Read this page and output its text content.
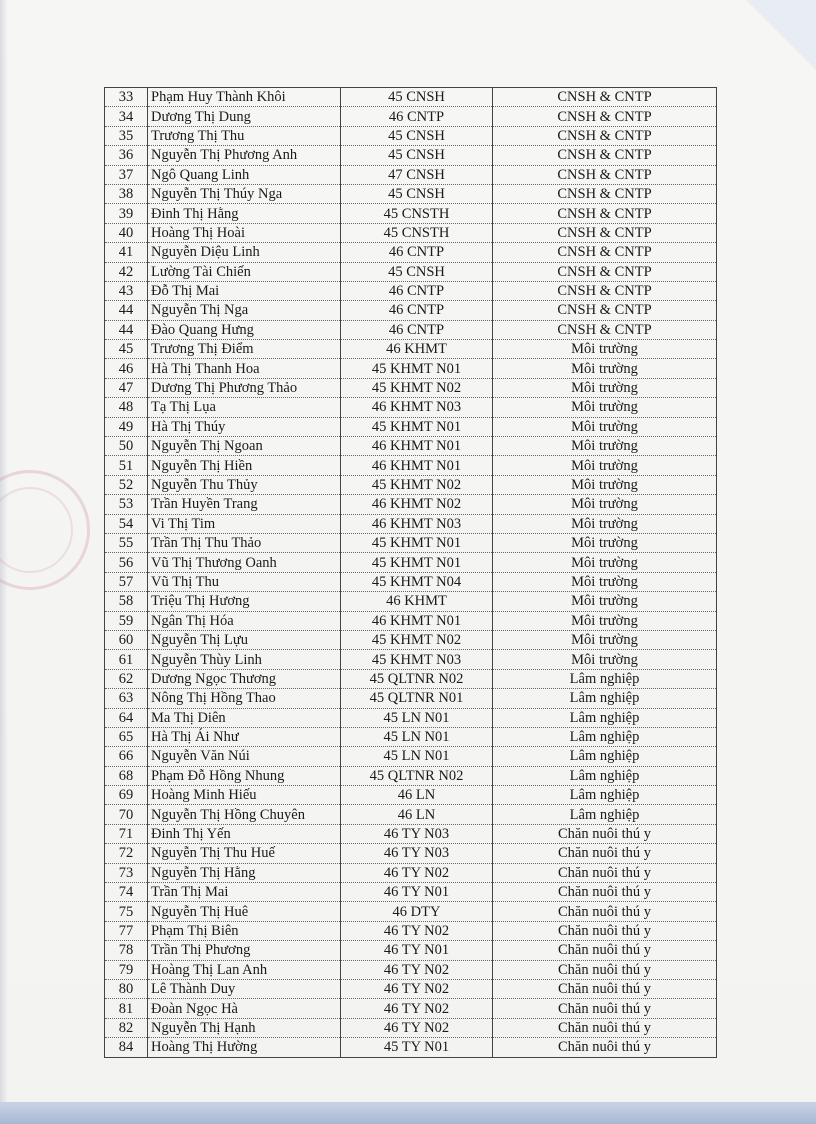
33	Phạm Huy Thành Khôi	45 CNSH	CNSH & CNTP
34	Dương Thị Dung	46 CNTP	CNSH & CNTP
35	Trương Thị Thu	45 CNSH	CNSH & CNTP
36	Nguyễn Thị Phương Anh	45 CNSH	CNSH & CNTP
37	Ngô Quang Linh	47 CNSH	CNSH & CNTP
38	Nguyễn Thị Thúy Nga	45 CNSH	CNSH & CNTP
39	Đinh Thị Hằng	45 CNSTH	CNSH & CNTP
40	Hoàng Thị Hoài	45 CNSTH	CNSH & CNTP
41	Nguyễn Diệu Linh	46 CNTP	CNSH & CNTP
42	Lường Tài Chiến	45 CNSH	CNSH & CNTP
43	Đỗ Thị Mai	46 CNTP	CNSH & CNTP
44	Nguyễn Thị Nga	46 CNTP	CNSH & CNTP
44	Đào Quang Hưng	46 CNTP	CNSH & CNTP
45	Trương Thị Điểm	46 KHMT	Môi trường
46	Hà Thị Thanh Hoa	45 KHMT N01	Môi trường
47	Dương Thị Phương Thảo	45 KHMT N02	Môi trường
48	Tạ Thị Lụa	46 KHMT N03	Môi trường
49	Hà Thị Thúy	45 KHMT N01	Môi trường
50	Nguyễn Thị Ngoan	46 KHMT N01	Môi trường
51	Nguyễn Thị Hiền	46 KHMT N01	Môi trường
52	Nguyễn Thu Thủy	45 KHMT N02	Môi trường
53	Trần Huyền Trang	46 KHMT N02	Môi trường
54	Vi Thị Tim	46 KHMT N03	Môi trường
55	Trần Thị Thu Thảo	45 KHMT N01	Môi trường
56	Vũ Thị Thương Oanh	45 KHMT N01	Môi trường
57	Vũ Thị Thu	45 KHMT N04	Môi trường
58	Triệu Thị Hương	46 KHMT	Môi trường
59	Ngân Thị Hóa	46 KHMT N01	Môi trường
60	Nguyễn Thị Lựu	45 KHMT N02	Môi trường
61	Nguyễn Thùy Linh	45 KHMT N03	Môi trường
62	Dương Ngọc Thương	45 QLTNR N02	Lâm nghiệp
63	Nông Thị Hồng Thao	45 QLTNR N01	Lâm nghiệp
64	Ma Thị Diên	45 LN N01	Lâm nghiệp
65	Hà Thị Ái Như	45 LN N01	Lâm nghiệp
66	Nguyễn Văn Núi	45 LN N01	Lâm nghiệp
68	Phạm Đỗ Hồng Nhung	45 QLTNR N02	Lâm nghiệp
69	Hoàng Minh Hiếu	46 LN	Lâm nghiệp
70	Nguyễn Thị Hồng Chuyên	46 LN	Lâm nghiệp
71	Đinh Thị Yến	46 TY N03	Chăn nuôi thú y
72	Nguyễn Thị Thu Huế	46 TY N03	Chăn nuôi thú y
73	Nguyễn Thị Hằng	46 TY N02	Chăn nuôi thú y
74	Trần Thị Mai	46 TY N01	Chăn nuôi thú y
75	Nguyễn Thị Huê	46 DTY	Chăn nuôi thú y
77	Phạm Thị Biên	46 TY N02	Chăn nuôi thú y
78	Trần Thị Phương	46 TY N01	Chăn nuôi thú y
79	Hoàng Thị Lan Anh	46 TY N02	Chăn nuôi thú y
80	Lê Thành Duy	46 TY N02	Chăn nuôi thú y
81	Đoàn Ngọc Hà	46 TY N02	Chăn nuôi thú y
82	Nguyễn Thị Hạnh	46 TY N02	Chăn nuôi thú y
84	Hoàng Thị Hường	45 TY N01	Chăn nuôi thú y
